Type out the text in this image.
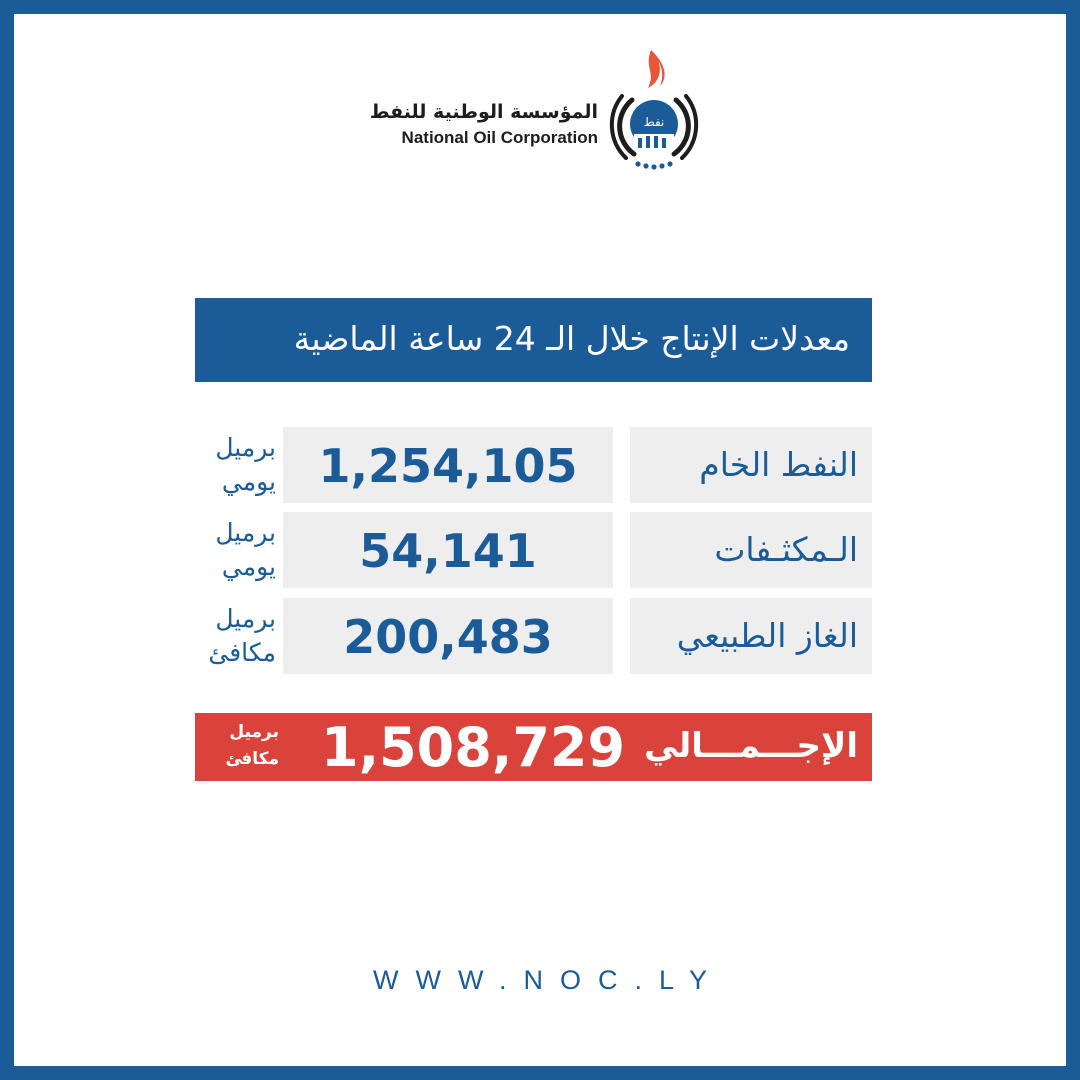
المؤسسة الوطنية للنفط
National Oil Corporation
نفط
معدلات الإنتاج خلال الـ 24 ساعة الماضية
النفط الخام
1,254,105
برميل
يومي
الـمكثـفات
54,141
برميل
يومي
الغاز الطبيعي
200,483
برميل
مكافئ
الإجـــمـــالي
1,508,729
برميل
مكافئ
WWW.NOC.LY
